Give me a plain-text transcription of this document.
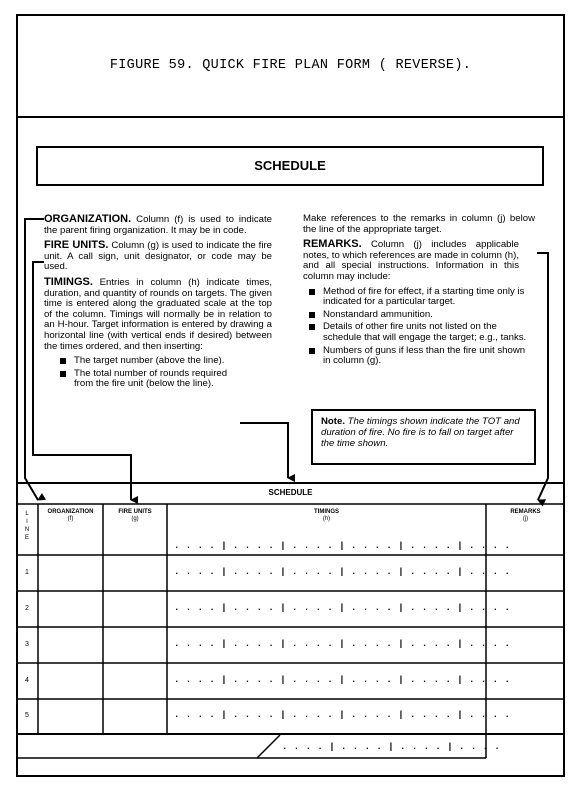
FIGURE 59. QUICK FIRE PLAN FORM ( REVERSE).
SCHEDULE

ORGANIZATION. Column (f) is used to indicate the parent firing organization. It may be in code.

FIRE UNITS. Column (g) is used to indicate the fire unit. A call sign, unit designator, or code may be used.

TIMINGS. Entries in column (h) indicate times, duration, and quantity of rounds on targets. The given time is entered along the graduated scale at the top of the column. Timings will normally be in relation to an H-hour. Target information is entered by drawing a horizontal line (with vertical ends if desired) between the times ordered, and then inserting:

The target number (above the line).
The total number of rounds required from the fire unit (below the line).

Make references to the remarks in column (j) below the line of the appropriate target.

REMARKS. Column (j) includes applicable notes, to which references are made in column (h), and all special instructions. Information in this column may include:

Method of fire for effect, if a starting time only is indicated for a particular target.
Nonstandard ammunition.
Details of other fire units not listed on the schedule that will engage the target; e.g., tanks.
Numbers of guns if less than the fire unit shown in column (g).
Note. The timings shown indicate the TOT and duration of fire. No fire is to fall on target after the time shown.
SCHEDULE
L
I
N
E
ORGANIZATION
(f)
FIRE UNITS
(g)
TIMINGS
(h)
REMARKS
(j)
. . . . | . . . . | . . . . | . . . . | . . . . | . . . .
1
2
3
4
5
. . . . | . . . . | . . . . | . . . . | . . . . | . . . .
. . . . | . . . . | . . . . | . . . . | . . . . | . . . .
. . . . | . . . . | . . . . | . . . . | . . . . | . . . .
. . . . | . . . . | . . . . | . . . . | . . . . | . . . .
. . . . | . . . . | . . . . | . . . . | . . . . | . . . .
. . . . | . . . . | . . . . | . . . .
